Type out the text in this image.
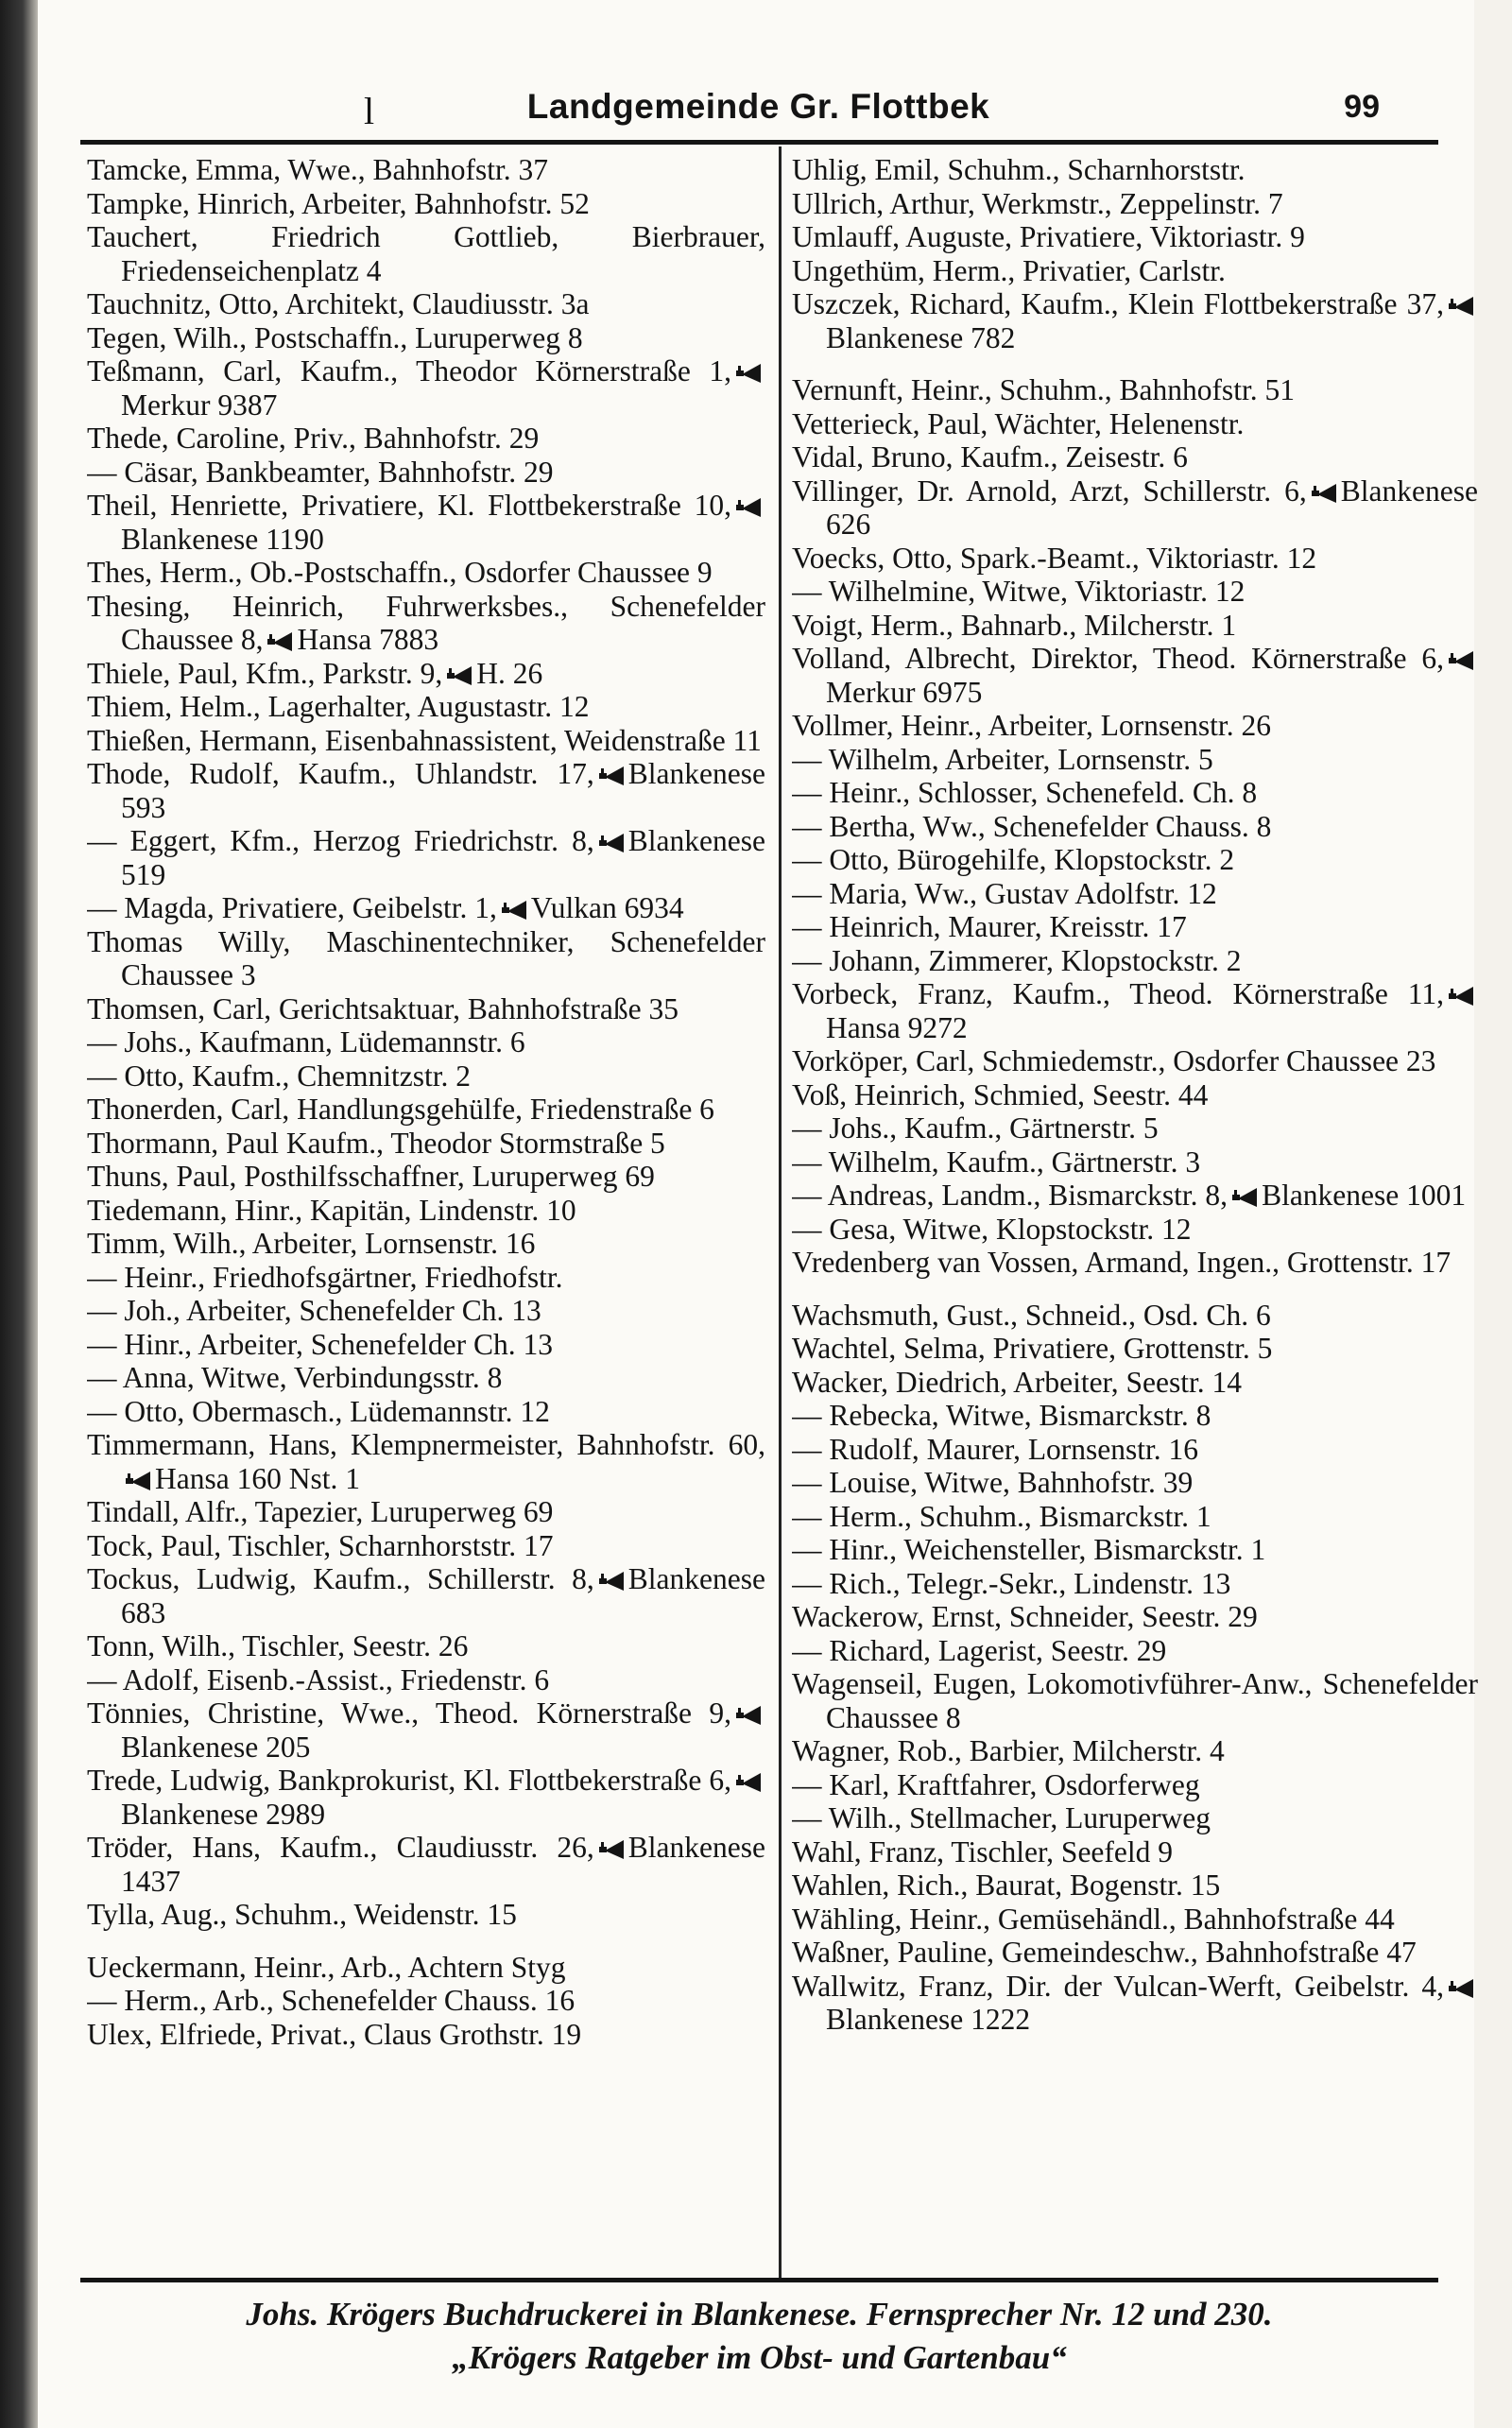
l	Landgemeinde Gr. Flottbek	99
Tamcke, Emma, Wwe., Bahnhofstr. 37
Tampke, Hinrich, Arbeiter, Bahnhofstr. 52
Tauchert, Friedrich Gottlieb, Bierbrauer, Friedenseichenplatz 4
Tauchnitz, Otto, Architekt, Claudiusstr. 3a
Tegen, Wilh., Postschaffn., Luruperweg 8
Teßmann, Carl, Kaufm., Theodor Körnerstraße 1,Merkur 9387
Thede, Caroline, Priv., Bahnhofstr. 29
— Cäsar, Bankbeamter, Bahnhofstr. 29
Theil, Henriette, Privatiere, Kl. Flottbekerstraße 10,Blankenese 1190
Thes, Herm., Ob.-Postschaffn., Osdorfer Chaussee 9
Thesing, Heinrich, Fuhrwerksbes., Schenefelder Chaussee 8, Hansa 7883
Thiele, Paul, Kfm., Parkstr. 9, H. 26
Thiem, Helm., Lagerhalter, Augustastr. 12
Thießen, Hermann, Eisenbahnassistent, Weidenstraße 11
Thode, Rudolf, Kaufm., Uhlandstr. 17, Blankenese 593
— Eggert, Kfm., Herzog Friedrichstr. 8, Blankenese 519
— Magda, Privatiere, Geibelstr. 1, Vulkan 6934
Thomas Willy, Maschinentechniker, Schenefelder Chaussee 3
Thomsen, Carl, Gerichtsaktuar, Bahnhofstraße 35
— Johs., Kaufmann, Lüdemannstr. 6
— Otto, Kaufm., Chemnitzstr. 2
Thonerden, Carl, Handlungsgehülfe, Friedenstraße 6
Thormann, Paul Kaufm., Theodor Stormstraße 5
Thuns, Paul, Posthilfsschaffner, Luruperweg 69
Tiedemann, Hinr., Kapitän, Lindenstr. 10
Timm, Wilh., Arbeiter, Lornsenstr. 16
— Heinr., Friedhofsgärtner, Friedhofstr.
— Joh., Arbeiter, Schenefelder Ch. 13
— Hinr., Arbeiter, Schenefelder Ch. 13
— Anna, Witwe, Verbindungsstr. 8
— Otto, Obermasch., Lüdemannstr. 12
Timmermann, Hans, Klempnermeister, Bahnhofstr. 60,Hansa 160 Nst. 1
Tindall, Alfr., Tapezier, Luruperweg 69
Tock, Paul, Tischler, Scharnhorststr. 17
Tockus, Ludwig, Kaufm., Schillerstr. 8, Blankenese 683
Tonn, Wilh., Tischler, Seestr. 26
— Adolf, Eisenb.-Assist., Friedenstr. 6
Tönnies, Christine, Wwe., Theod. Körnerstraße 9,Blankenese 205
Trede, Ludwig, Bankprokurist, Kl. Flottbekerstraße 6,Blankenese 2989
Tröder, Hans, Kaufm., Claudiusstr. 26, Blankenese 1437
Tylla, Aug., Schuhm., Weidenstr. 15
Ueckermann, Heinr., Arb., Achtern Styg
— Herm., Arb., Schenefelder Chauss. 16
Ulex, Elfriede, Privat., Claus Grothstr. 19
Uhlig, Emil, Schuhm., Scharnhorststr.
Ullrich, Arthur, Werkmstr., Zeppelinstr. 7
Umlauff, Auguste, Privatiere, Viktoriastr. 9
Ungethüm, Herm., Privatier, Carlstr.
Uszczek, Richard, Kaufm., Klein Flottbekerstraße 37,Blankenese 782
Vernunft, Heinr., Schuhm., Bahnhofstr. 51
Vetterieck, Paul, Wächter, Helenenstr.
Vidal, Bruno, Kaufm., Zeisestr. 6
Villinger, Dr. Arnold, Arzt, Schillerstr. 6, Blankenese 626
Voecks, Otto, Spark.-Beamt., Viktoriastr. 12
— Wilhelmine, Witwe, Viktoriastr. 12
Voigt, Herm., Bahnarb., Milcherstr. 1
Volland, Albrecht, Direktor, Theod. Körnerstraße 6,Merkur 6975
Vollmer, Heinr., Arbeiter, Lornsenstr. 26
— Wilhelm, Arbeiter, Lornsenstr. 5
— Heinr., Schlosser, Schenefeld. Ch. 8
— Bertha, Ww., Schenefelder Chauss. 8
— Otto, Bürogehilfe, Klopstockstr. 2
— Maria, Ww., Gustav Adolfstr. 12
— Heinrich, Maurer, Kreisstr. 17
— Johann, Zimmerer, Klopstockstr. 2
Vorbeck, Franz, Kaufm., Theod. Körnerstraße 11,Hansa 9272
Vorköper, Carl, Schmiedemstr., Osdorfer Chaussee 23
Voß, Heinrich, Schmied, Seestr. 44
— Johs., Kaufm., Gärtnerstr. 5
— Wilhelm, Kaufm., Gärtnerstr. 3
— Andreas, Landm., Bismarckstr. 8, Blankenese 1001
— Gesa, Witwe, Klopstockstr. 12
Vredenberg van Vossen, Armand, Ingen., Grottenstr. 17
Wachsmuth, Gust., Schneid., Osd. Ch. 6
Wachtel, Selma, Privatiere, Grottenstr. 5
Wacker, Diedrich, Arbeiter, Seestr. 14
— Rebecka, Witwe, Bismarckstr. 8
— Rudolf, Maurer, Lornsenstr. 16
— Louise, Witwe, Bahnhofstr. 39
— Herm., Schuhm., Bismarckstr. 1
— Hinr., Weichensteller, Bismarckstr. 1
— Rich., Telegr.-Sekr., Lindenstr. 13
Wackerow, Ernst, Schneider, Seestr. 29
— Richard, Lagerist, Seestr. 29
Wagenseil, Eugen, Lokomotivführer-Anw., Schenefelder Chaussee 8
Wagner, Rob., Barbier, Milcherstr. 4
— Karl, Kraftfahrer, Osdorferweg
— Wilh., Stellmacher, Luruperweg
Wahl, Franz, Tischler, Seefeld 9
Wahlen, Rich., Baurat, Bogenstr. 15
Wähling, Heinr., Gemüsehändl., Bahnhofstraße 44
Waßner, Pauline, Gemeindeschw., Bahnhofstraße 47
Wallwitz, Franz, Dir. der Vulcan-Werft, Geibelstr. 4,Blankenese 1222
Johs. Krögers Buchdruckerei in Blankenese. Fernsprecher Nr. 12 und 230.
„Krögers Ratgeber im Obst- und Gartenbau“
